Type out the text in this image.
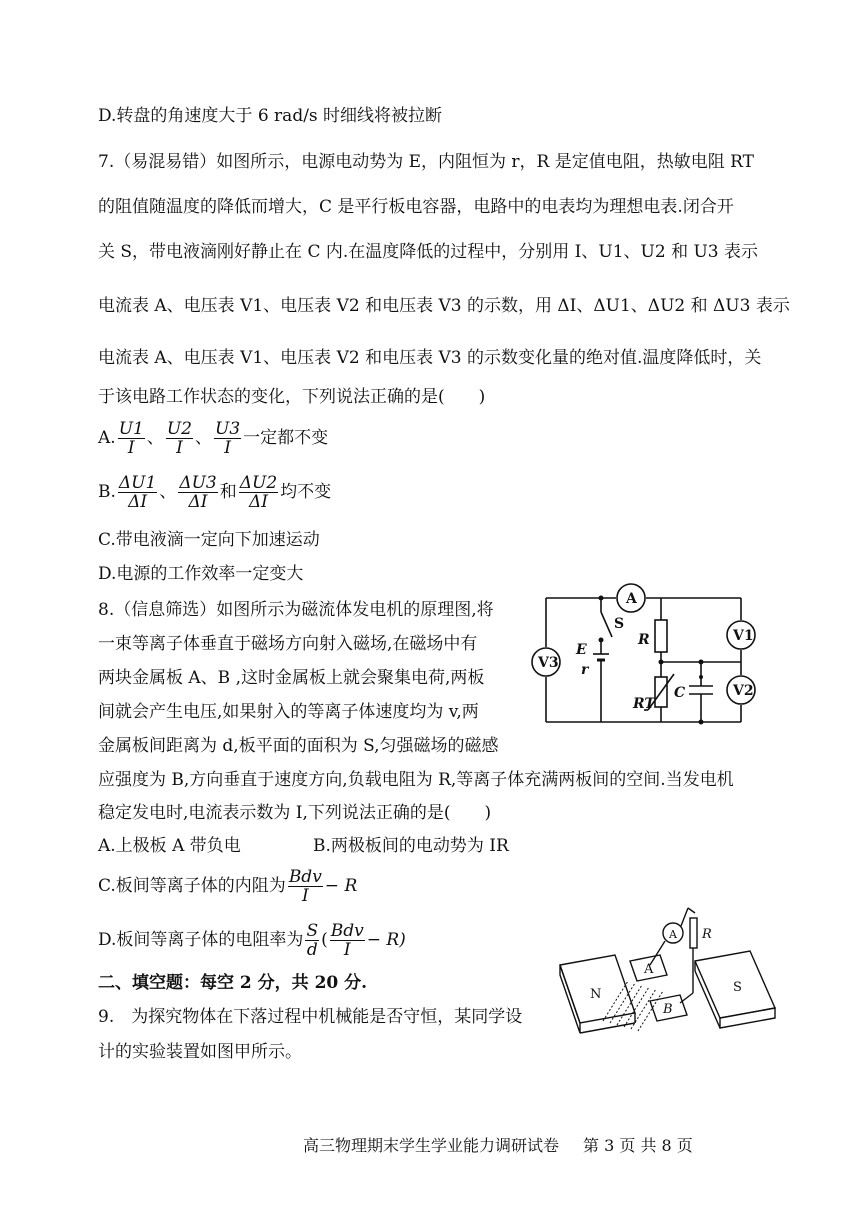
D.转盘的角速度大于 6 rad/s 时细线将被拉断
7.（易混易错）如图所示，电源电动势为 E，内阻恒为 r，R 是定值电阻，热敏电阻 RT
的阻值随温度的降低而增大，C 是平行板电容器，电路中的电表均为理想电表.闭合开
关 S，带电液滴刚好静止在 C 内.在温度降低的过程中，分别用 I、U1、U2 和 U3 表示
电流表 A、电压表 V1、电压表 V2 和电压表 V3 的示数，用 ΔI、ΔU1、ΔU2 和 ΔU3 表示
电流表 A、电压表 V1、电压表 V2 和电压表 V3 的示数变化量的绝对值.温度降低时，关
于该电路工作状态的变化，下列说法正确的是(　　)
A. $\frac{U1}{I}$ 、 $\frac{U2}{I}$ 、 $\frac{U3}{I}$ 一定都不变
B. $\frac{\Delta U1}{\Delta I}$ 、 $\frac{\Delta U3}{\Delta I}$ 和 $\frac{\Delta U2}{\Delta I}$ 均不变
C.带电液滴一定向下加速运动
D.电源的工作效率一定变大
8.（信息筛选）如图所示为磁流体发电机的原理图,将
一束等离子体垂直于磁场方向射入磁场,在磁场中有
两块金属板 A、B ,这时金属板上就会聚集电荷,两板
间就会产生电压,如果射入的等离子体速度均为 v,两
金属板间距离为 d,板平面的面积为 S,匀强磁场的磁感
应强度为 B,方向垂直于速度方向,负载电阻为 R,等离子体充满两板间的空间.当发电机
稳定发电时,电流表示数为 I,下列说法正确的是(　　)
A.上极板 A 带负电	B.两极板间的电动势为 IR
C.板间等离子体的内阻为 $\frac{\text{Bdv}}{I} - R$
D.板间等离子体的电阻率为 $\frac{S}{d}$ ( $\frac{\text{Bdv}}{I} - R$)
二、填空题：每空 2 分，共 20 分.
9.　为探究物体在下落过程中机械能是否守恒，某同学设
计的实验装置如图甲所示。
A
S
R	V1
V2
V3
E
r
RT
C
N	S
A R
A
B
高三物理期末学生学业能力调研试卷 第 3 页 共 8 页
